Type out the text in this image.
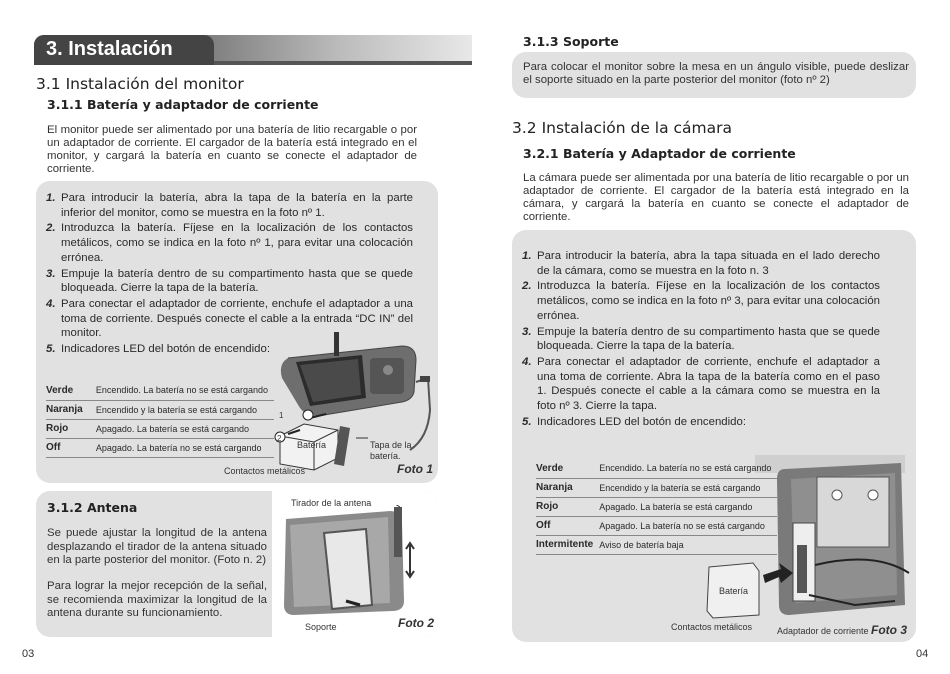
3. Instalación
3.1 Instalación del monitor
3.1.1 Batería y adaptador de corriente

El monitor puede ser alimentado por una batería de litio recargable o por un adaptador de corriente. El cargador de la batería está integrado en el monitor, y cargará la batería en cuanto se conecte el adaptador de corriente.

1. Para introducir la batería, abra la tapa de la batería en la parte inferior del monitor, como se muestra en la foto nº 1.
2. Introduzca la batería. Fíjese en la localización de los contactos metálicos, como se indica en la foto nº 1, para evitar una colocación errónea.
3. Empuje la batería dentro de su compartimento hasta que se quede bloqueada. Cierre la tapa de la batería.
4. Para conectar el adaptador de corriente, enchufe el adaptador a una toma de corriente. Después conecte el cable a la entrada “DC IN” del monitor.
5. Indicadores LED del botón de encendido:
Verde	Encendido. La batería no se está cargando
Naranja	Encendido y la batería se está cargando
Rojo	Apagado. La batería se está cargando
Off	Apagado. La batería no se está cargando
1
2
Batería	Tapa de la batería.
Contactos metálicos	Foto 1
3.1.2 Antena

Se puede ajustar la longitud de la antena desplazando el tirador de la antena situado en la parte posterior del monitor. (Foto n. 2)

Para lograr la mejor recepción de la señal, se recomienda maximizar la longitud de la antena durante su funcionamiento.

Tirador de la antena
Soporte	Foto 2
03
3.1.3 Soporte

Para colocar el monitor sobre la mesa en un ángulo visible, puede deslizar el soporte situado en la parte posterior del monitor (foto nº 2)

3.2 Instalación de la cámara
3.2.1 Batería y Adaptador de corriente

La cámara puede ser alimentada por una batería de litio recargable o por un adaptador de corriente. El cargador de la batería está integrado en la cámara, y cargará la batería en cuanto se conecte el adaptador de corriente.

1. Para introducir la batería, abra la tapa situada en el lado derecho de la cámara, como se muestra en la foto n. 3
2. Introduzca la batería. Fíjese en la localización de los contactos metálicos, como se indica en la foto nº 3, para evitar una colocación errónea.
3. Empuje la batería dentro de su compartimento hasta que se quede bloqueada. Cierre la tapa de la batería.
4. Para conectar el adaptador de corriente, enchufe el adaptador a una toma de corriente. Abra la tapa de la batería como en el paso 1. Después conecte el cable a la cámara como se muestra en la foto nº 3. Cierre la tapa.
5. Indicadores LED del botón de encendido:
Verde	Encendido. La batería no se está cargando
Naranja	Encendido y la batería se está cargando
Rojo	Apagado. La batería se está cargando
Off	Apagado. La batería no se está cargando
Intermitente	Aviso de batería baja
Batería
Contactos metálicos	Adaptador de corriente Foto 3
04
